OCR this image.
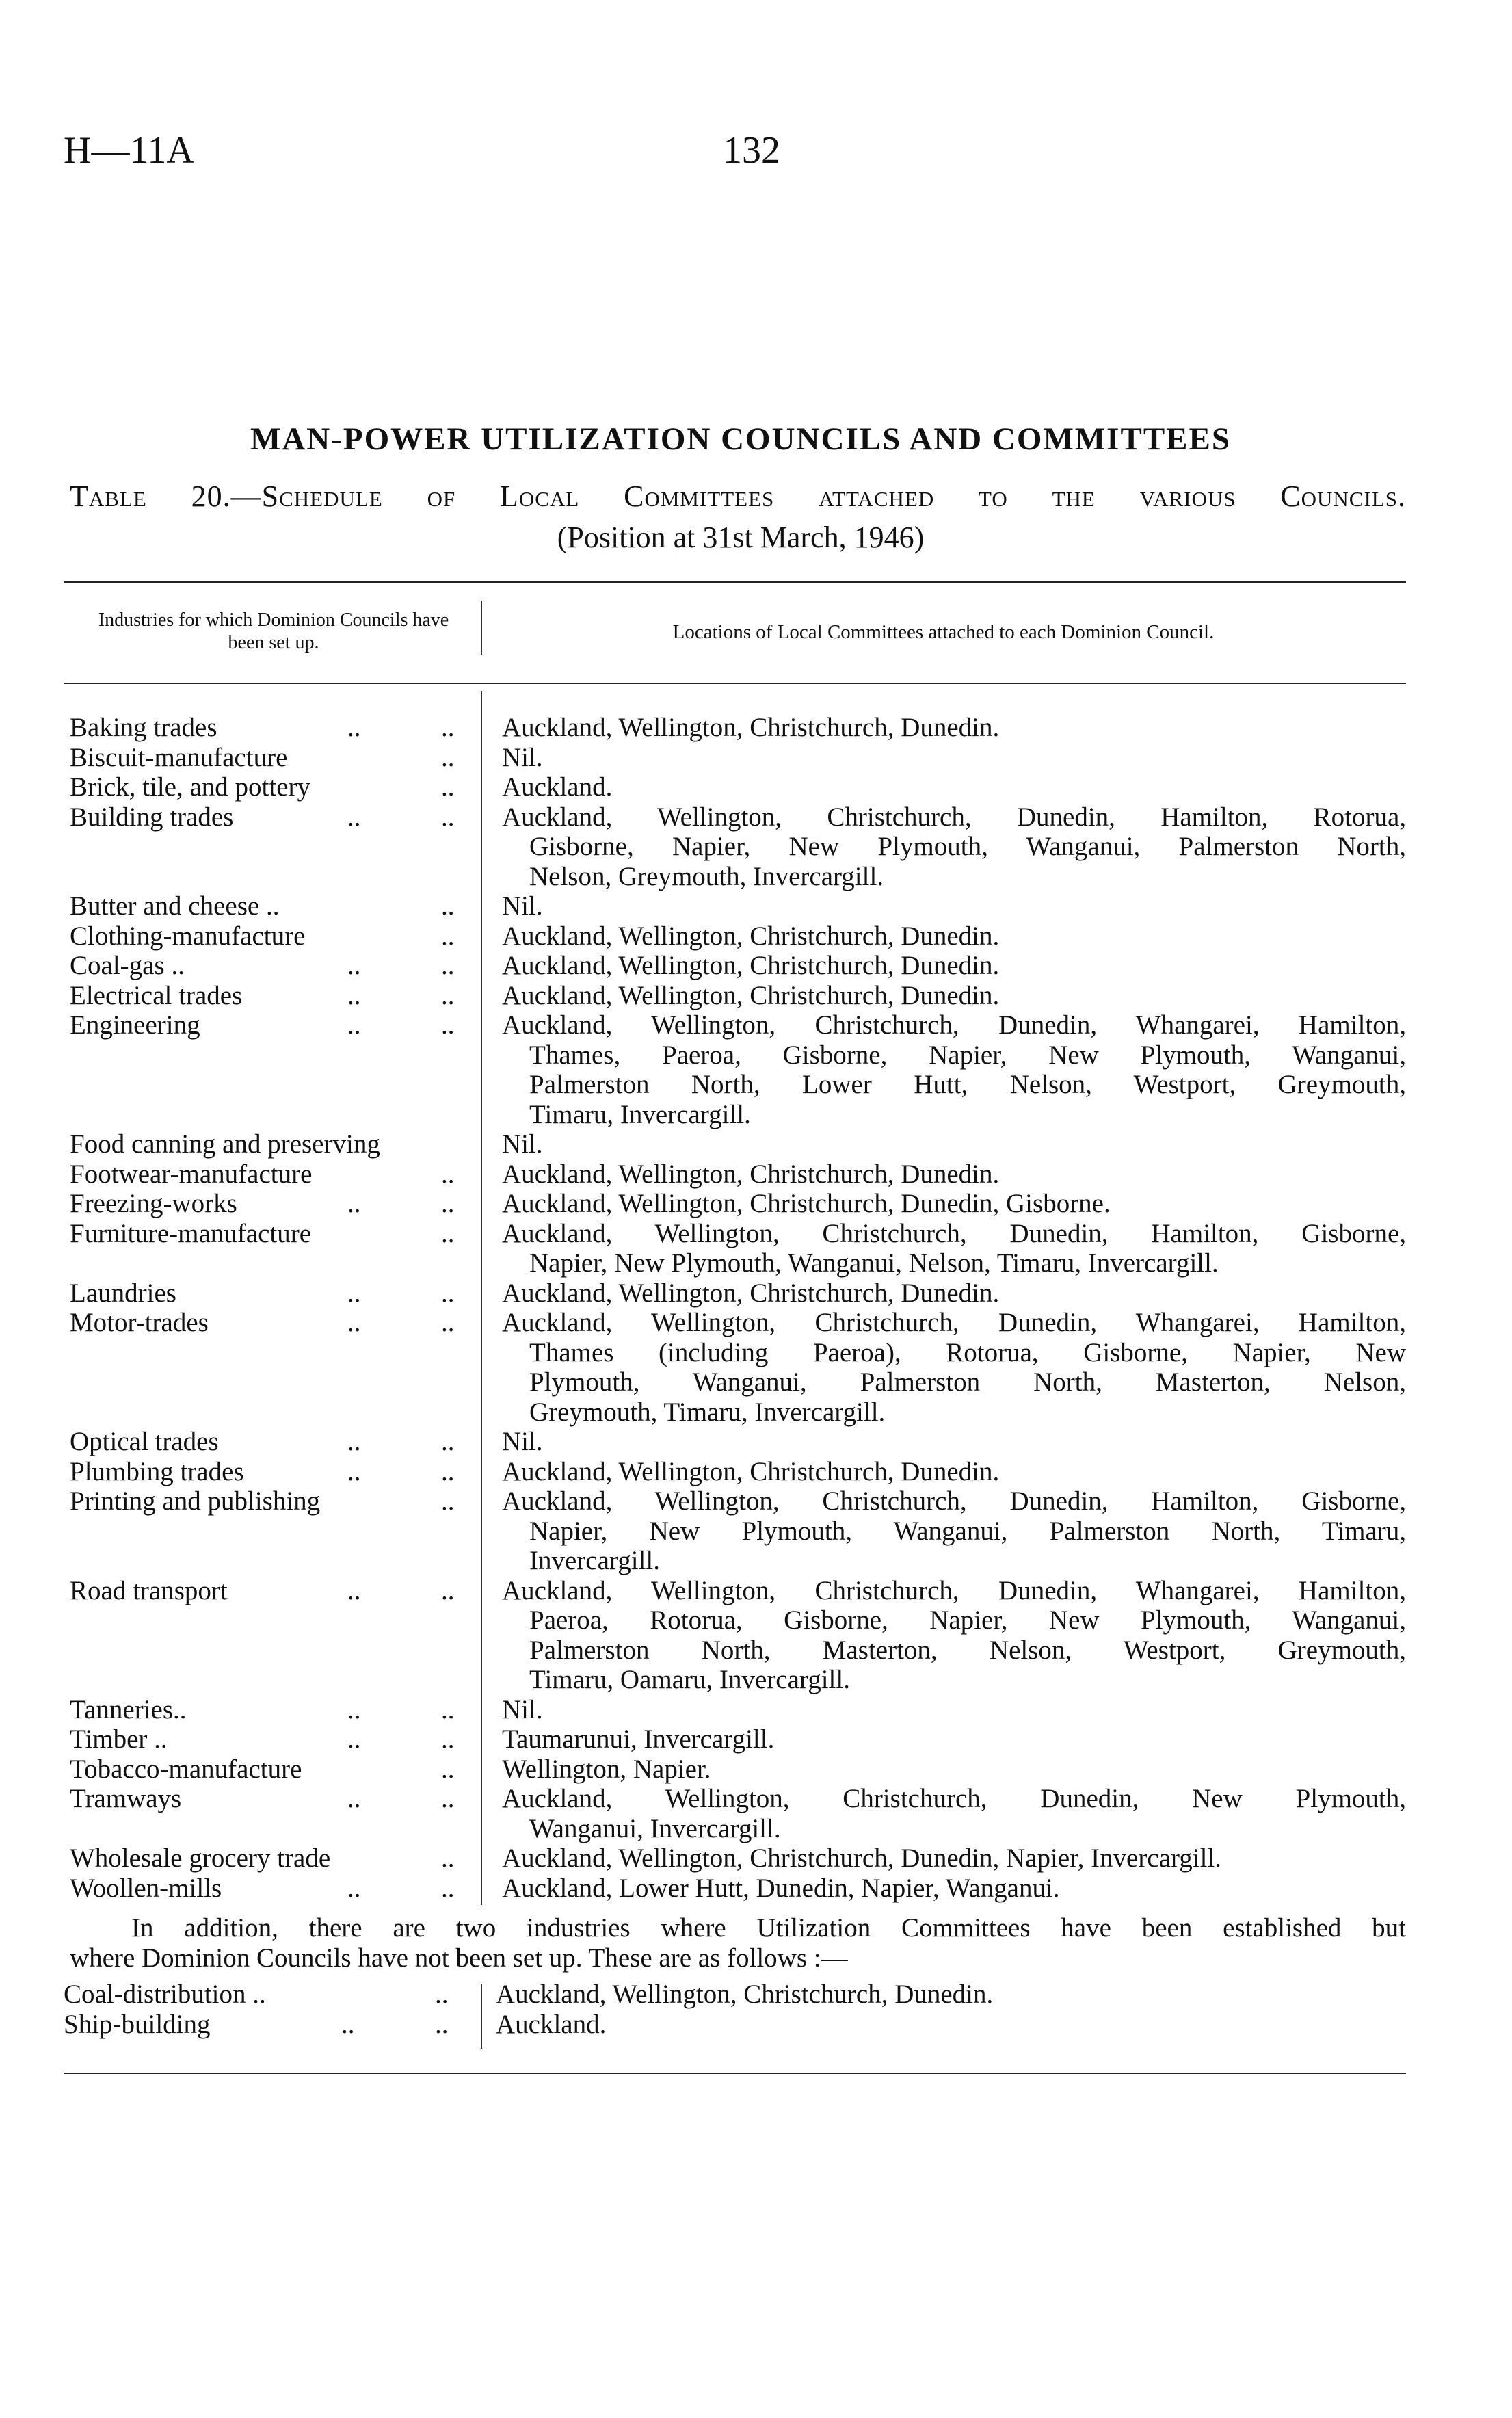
H—11A	132
MAN-POWER UTILIZATION COUNCILS AND COMMITTEES
Table 20.—Schedule of Local Committees attached to the various Councils.
(Position at 31st March, 1946)
Industries for which Dominion Councils have been set up.	Locations of Local Committees attached to each Dominion Council.
Baking trades	..	.. Auckland, Wellington, Christchurch, Dunedin.
Biscuit-manufacture	.. Nil.
Brick, tile, and pottery	.. Auckland.
Building trades	..	.. Auckland, Wellington, Christchurch, Dunedin, Hamilton, Rotorua,
Gisborne, Napier, New Plymouth, Wanganui, Palmerston North,
Nelson, Greymouth, Invercargill.
Butter and cheese ..	.. Nil.
Clothing-manufacture	.. Auckland, Wellington, Christchurch, Dunedin.
Coal-gas ..	..	.. Auckland, Wellington, Christchurch, Dunedin.
Electrical trades	..	.. Auckland, Wellington, Christchurch, Dunedin.
Engineering	..	.. Auckland, Wellington, Christchurch, Dunedin, Whangarei, Hamilton,
Thames, Paeroa, Gisborne, Napier, New Plymouth, Wanganui,
Palmerston North, Lower Hutt, Nelson, Westport, Greymouth,
Timaru, Invercargill.
Food canning and preserving	Nil.
Footwear-manufacture	.. Auckland, Wellington, Christchurch, Dunedin.
Freezing-works	..	.. Auckland, Wellington, Christchurch, Dunedin, Gisborne.
Furniture-manufacture	.. Auckland, Wellington, Christchurch, Dunedin, Hamilton, Gisborne,
Napier, New Plymouth, Wanganui, Nelson, Timaru, Invercargill.
Laundries	..	.. Auckland, Wellington, Christchurch, Dunedin.
Motor-trades	..	.. Auckland, Wellington, Christchurch, Dunedin, Whangarei, Hamilton,
Thames (including Paeroa), Rotorua, Gisborne, Napier, New
Plymouth, Wanganui, Palmerston North, Masterton, Nelson,
Greymouth, Timaru, Invercargill.
Optical trades	..	.. Nil.
Plumbing trades	..	.. Auckland, Wellington, Christchurch, Dunedin.
Printing and publishing	.. Auckland, Wellington, Christchurch, Dunedin, Hamilton, Gisborne,
Napier, New Plymouth, Wanganui, Palmerston North, Timaru,
Invercargill.
Road transport	..	.. Auckland, Wellington, Christchurch, Dunedin, Whangarei, Hamilton,
Paeroa, Rotorua, Gisborne, Napier, New Plymouth, Wanganui,
Palmerston North, Masterton, Nelson, Westport, Greymouth,
Timaru, Oamaru, Invercargill.
Tanneries..	..	.. Nil.
Timber ..	..	.. Taumarunui, Invercargill.
Tobacco-manufacture	.. Wellington, Napier.
Tramways	..	.. Auckland, Wellington, Christchurch, Dunedin, New Plymouth,
Wanganui, Invercargill.
Wholesale grocery trade	.. Auckland, Wellington, Christchurch, Dunedin, Napier, Invercargill.
Woollen-mills	..	.. Auckland, Lower Hutt, Dunedin, Napier, Wanganui.
In addition, there are two industries where Utilization Committees have been established but
where Dominion Councils have not been set up. These are as follows :—
Coal-distribution ..	.. Auckland, Wellington, Christchurch, Dunedin.
Ship-building	..	.. Auckland.
